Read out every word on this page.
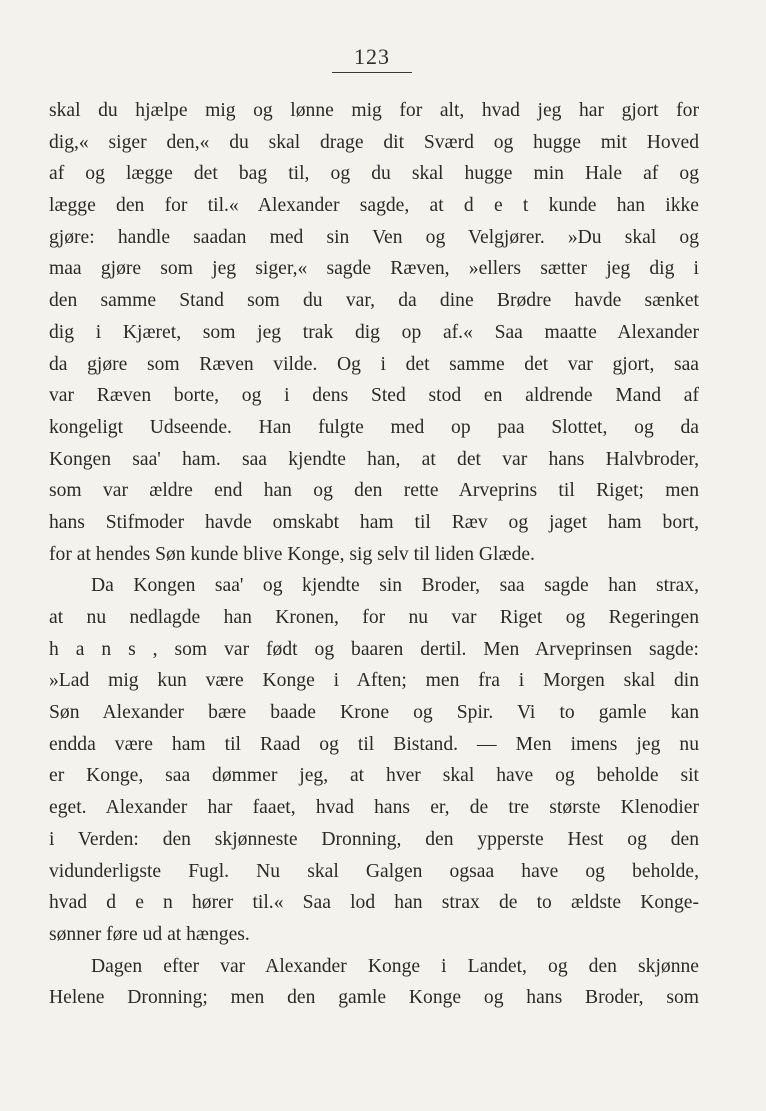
123
skal du hjælpe mig og lønne mig for alt, hvad jeg har gjort for
dig,« siger den,« du skal drage dit Sværd og hugge mit Hoved
af og lægge det bag til, og du skal hugge min Hale af og
lægge den for til.« Alexander sagde, at d e t kunde han ikke
gjøre: handle saadan med sin Ven og Velgjører. »Du skal og
maa gjøre som jeg siger,« sagde Ræven, »ellers sætter jeg dig i
den samme Stand som du var, da dine Brødre havde sænket
dig i Kjæret, som jeg trak dig op af.« Saa maatte Alexander
da gjøre som Ræven vilde. Og i det samme det var gjort, saa
var Ræven borte, og i dens Sted stod en aldrende Mand af
kongeligt Udseende. Han fulgte med op paa Slottet, og da
Kongen saa' ham. saa kjendte han, at det var hans Halvbroder,
som var ældre end han og den rette Arveprins til Riget; men
hans Stifmoder havde omskabt ham til Ræv og jaget ham bort,
for at hendes Søn kunde blive Konge, sig selv til liden Glæde.
Da Kongen saa' og kjendte sin Broder, saa sagde han strax,
at nu nedlagde han Kronen, for nu var Riget og Regeringen
h a n s , som var født og baaren dertil. Men Arveprinsen sagde:
»Lad mig kun være Konge i Aften; men fra i Morgen skal din
Søn Alexander bære baade Krone og Spir. Vi to gamle kan
endda være ham til Raad og til Bistand. — Men imens jeg nu
er Konge, saa dømmer jeg, at hver skal have og beholde sit
eget. Alexander har faaet, hvad hans er, de tre største Klenodier
i Verden: den skjønneste Dronning, den ypperste Hest og den
vidunderligste Fugl. Nu skal Galgen ogsaa have og beholde,
hvad d e n hører til.« Saa lod han strax de to ældste Konge-
sønner føre ud at hænges.
Dagen efter var Alexander Konge i Landet, og den skjønne
Helene Dronning; men den gamle Konge og hans Broder, som
